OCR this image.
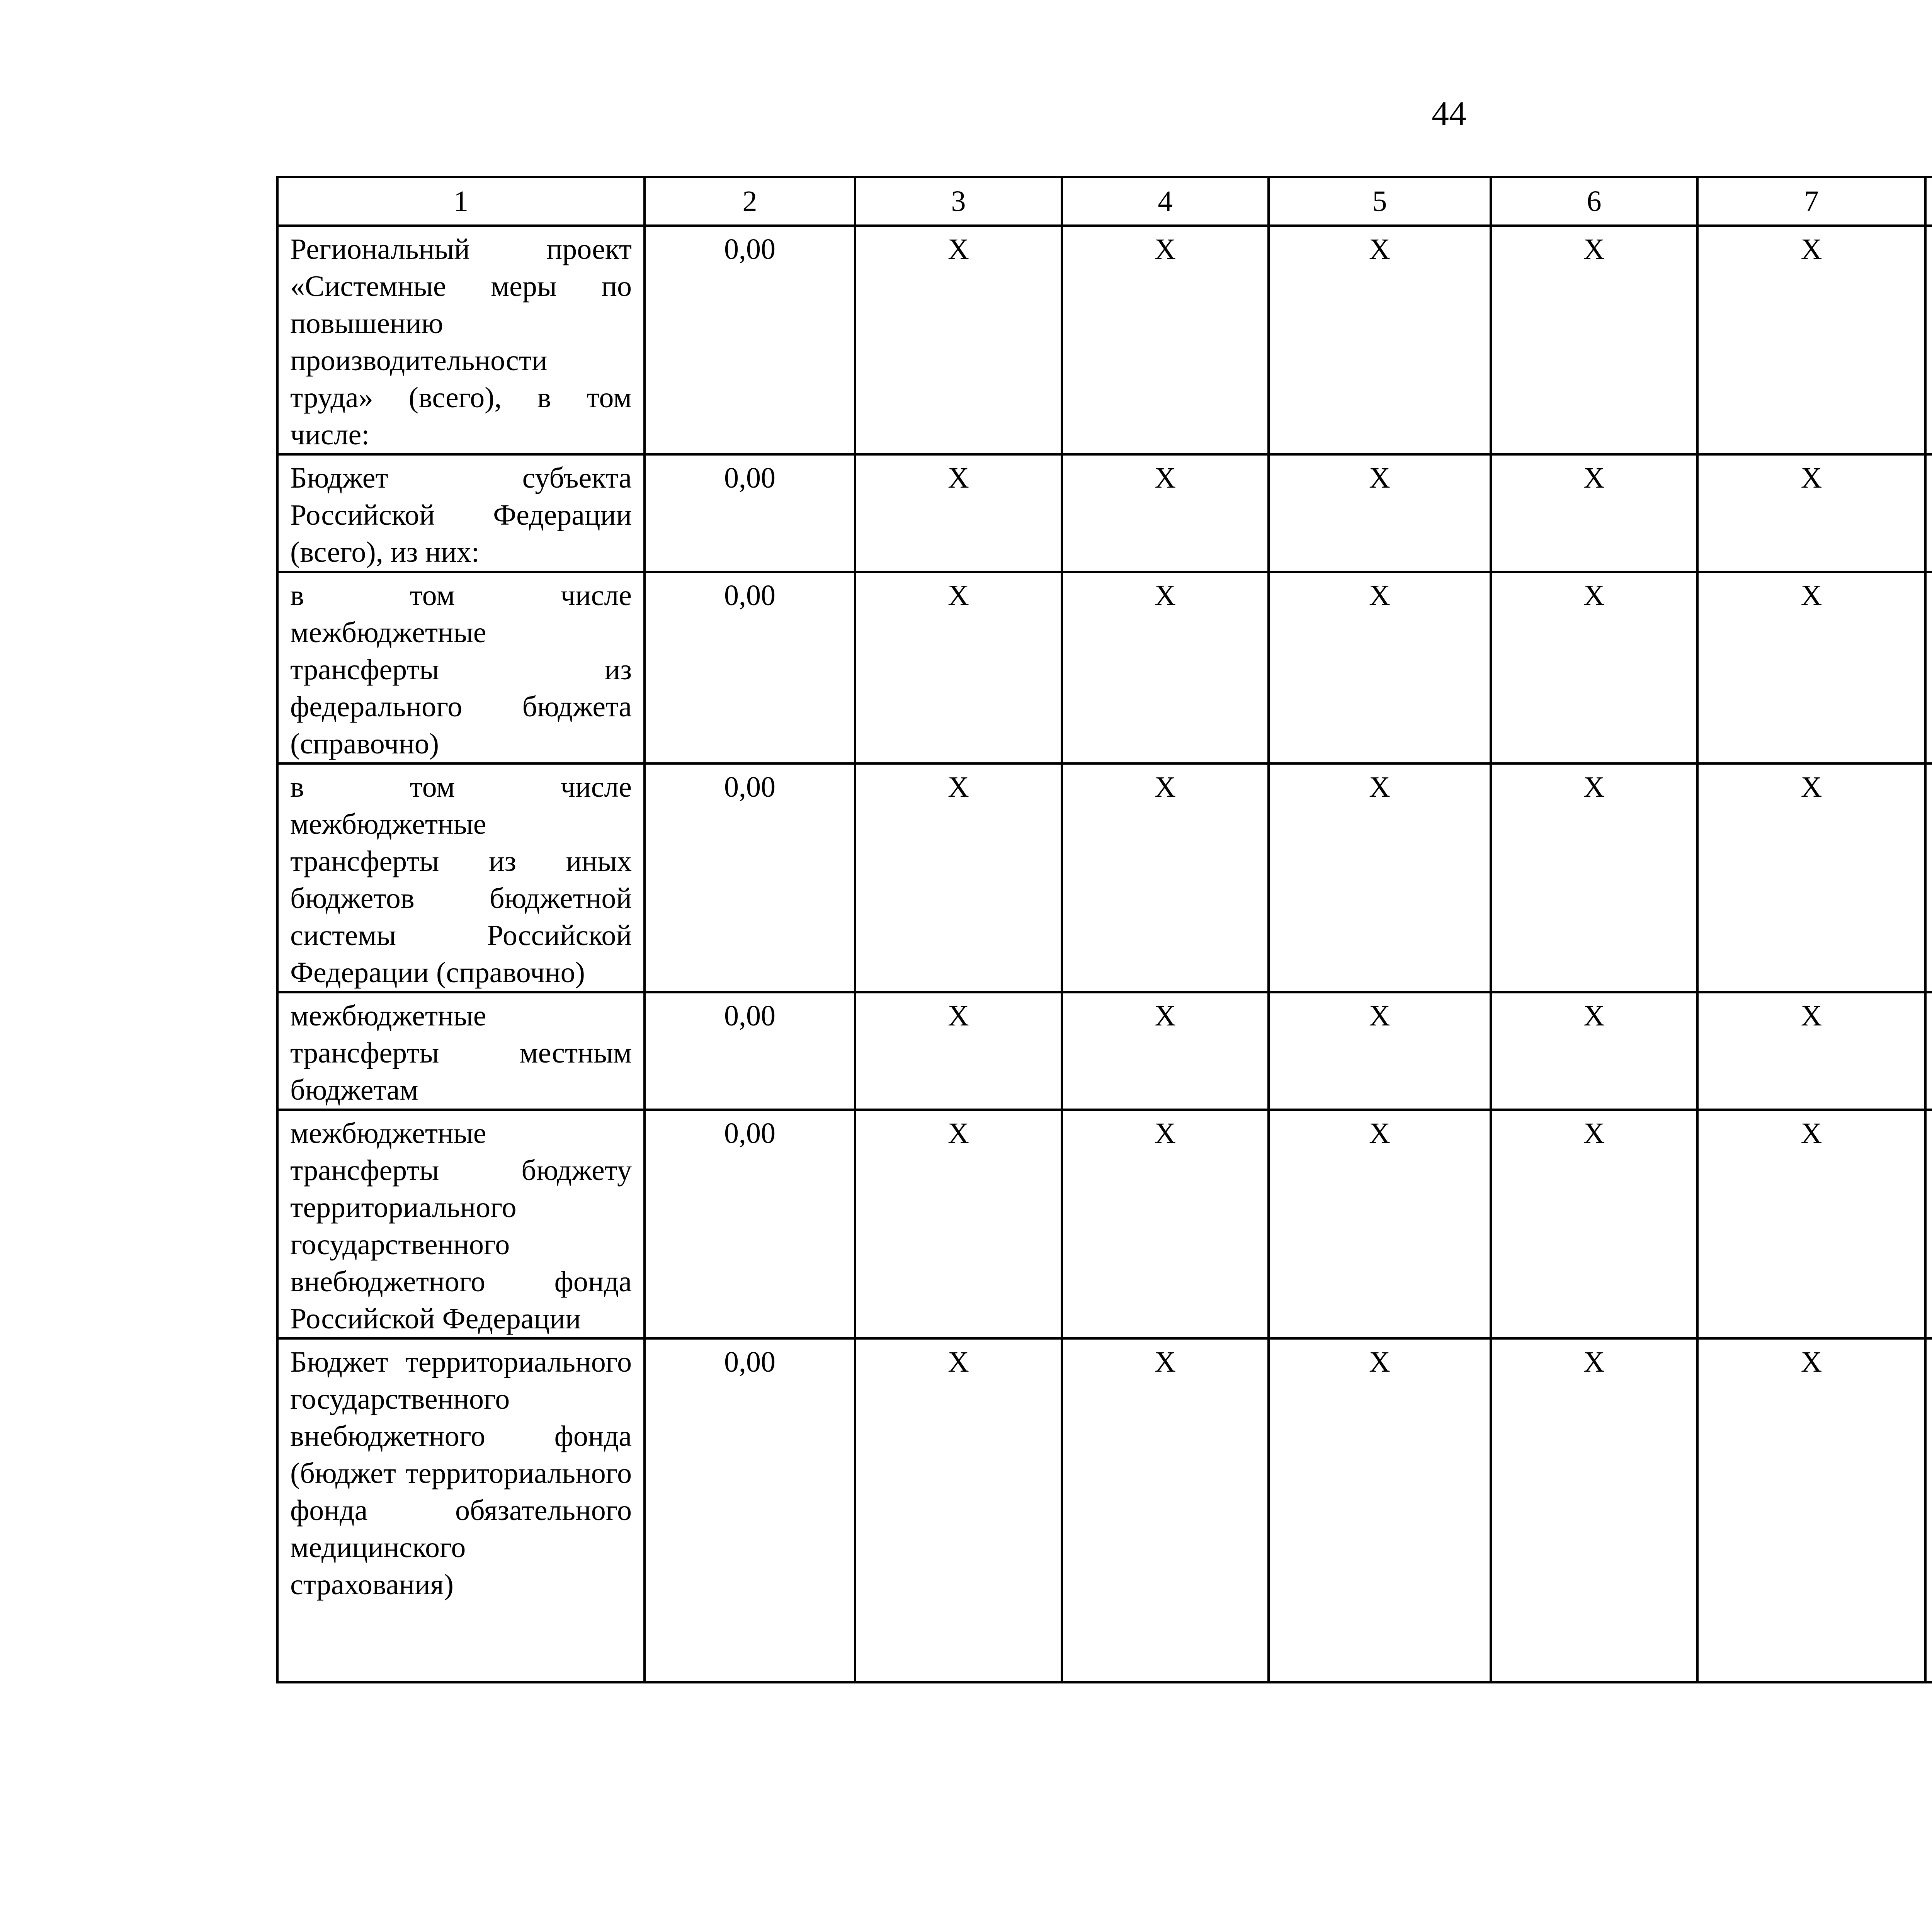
44
1	2	3	4	5	6	7		
Региональный проект «Системные меры по повышению производительности труда» (всего), в том числе:	0,00	X	X	X	X	X		
Бюджет субъекта Российской Федерации (всего), из них:	0,00	X	X	X	X	X		
в том числе межбюджетные трансферты из федерального бюджета (справочно)	0,00	X	X	X	X	X		
в том числе межбюджетные трансферты из иных бюджетов бюджетной системы Российской Федерации (справочно)	0,00	X	X	X	X	X		
межбюджетные трансферты местным бюджетам	0,00	X	X	X	X	X		
межбюджетные трансферты бюджету территориального государственного внебюджетного фонда Российской Федерации	0,00	X	X	X	X	X		
Бюджет территориального государственного внебюджетного фонда (бюджет территориального фонда обязательного медицинского страхования)	0,00	X	X	X	X	X		
